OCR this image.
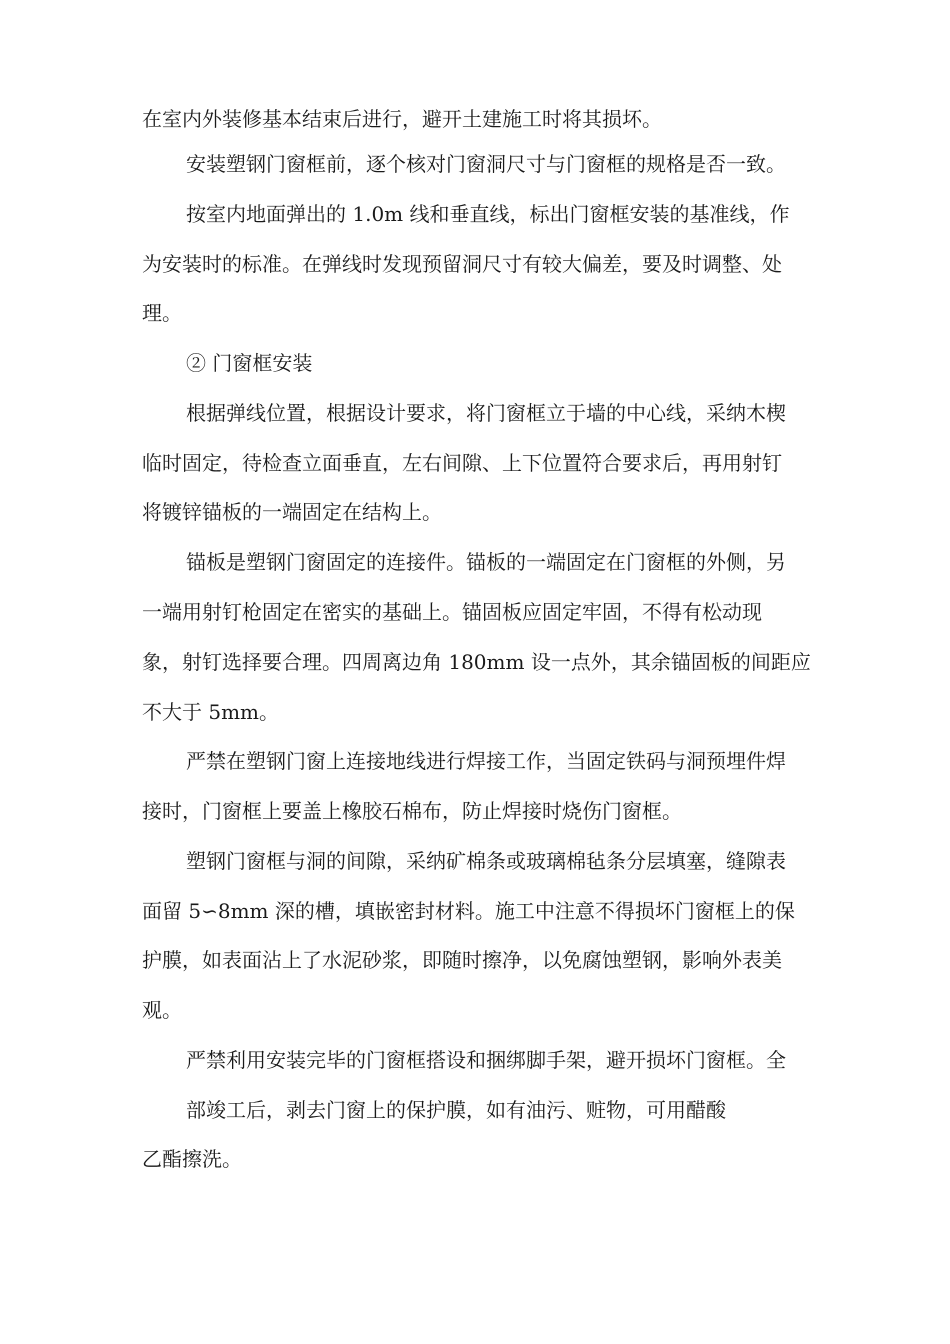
在室内外装修基本结束后进行，避开土建施工时将其损坏。

安装塑钢门窗框前，逐个核对门窗洞尺寸与门窗框的规格是否一致。

按室内地面弹出的 1.0m 线和垂直线，标出门窗框安装的基准线，作

为安装时的标准。在弹线时发现预留洞尺寸有较大偏差，要及时调整、处

理。

② 门窗框安装

根据弹线位置，根据设计要求，将门窗框立于墙的中心线，采纳木楔

临时固定，待检查立面垂直，左右间隙、上下位置符合要求后，再用射钉

将镀锌锚板的一端固定在结构上。

锚板是塑钢门窗固定的连接件。锚板的一端固定在门窗框的外侧，另

一端用射钉枪固定在密实的基础上。锚固板应固定牢固，不得有松动现

象，射钉选择要合理。四周离边角 180mm 设一点外，其余锚固板的间距应

不大于 5mm。

严禁在塑钢门窗上连接地线进行焊接工作，当固定铁码与洞预埋件焊

接时，门窗框上要盖上橡胶石棉布，防止焊接时烧伤门窗框。

塑钢门窗框与洞的间隙，采纳矿棉条或玻璃棉毡条分层填塞，缝隙表

面留 5∽8mm 深的槽，填嵌密封材料。施工中注意不得损坏门窗框上的保

护膜，如表面沾上了水泥砂浆，即随时擦净，以免腐蚀塑钢，影响外表美

观。

严禁利用安装完毕的门窗框搭设和捆绑脚手架，避开损坏门窗框。全

部竣工后，剥去门窗上的保护膜，如有油污、赃物，可用醋酸

乙酯擦洗。
